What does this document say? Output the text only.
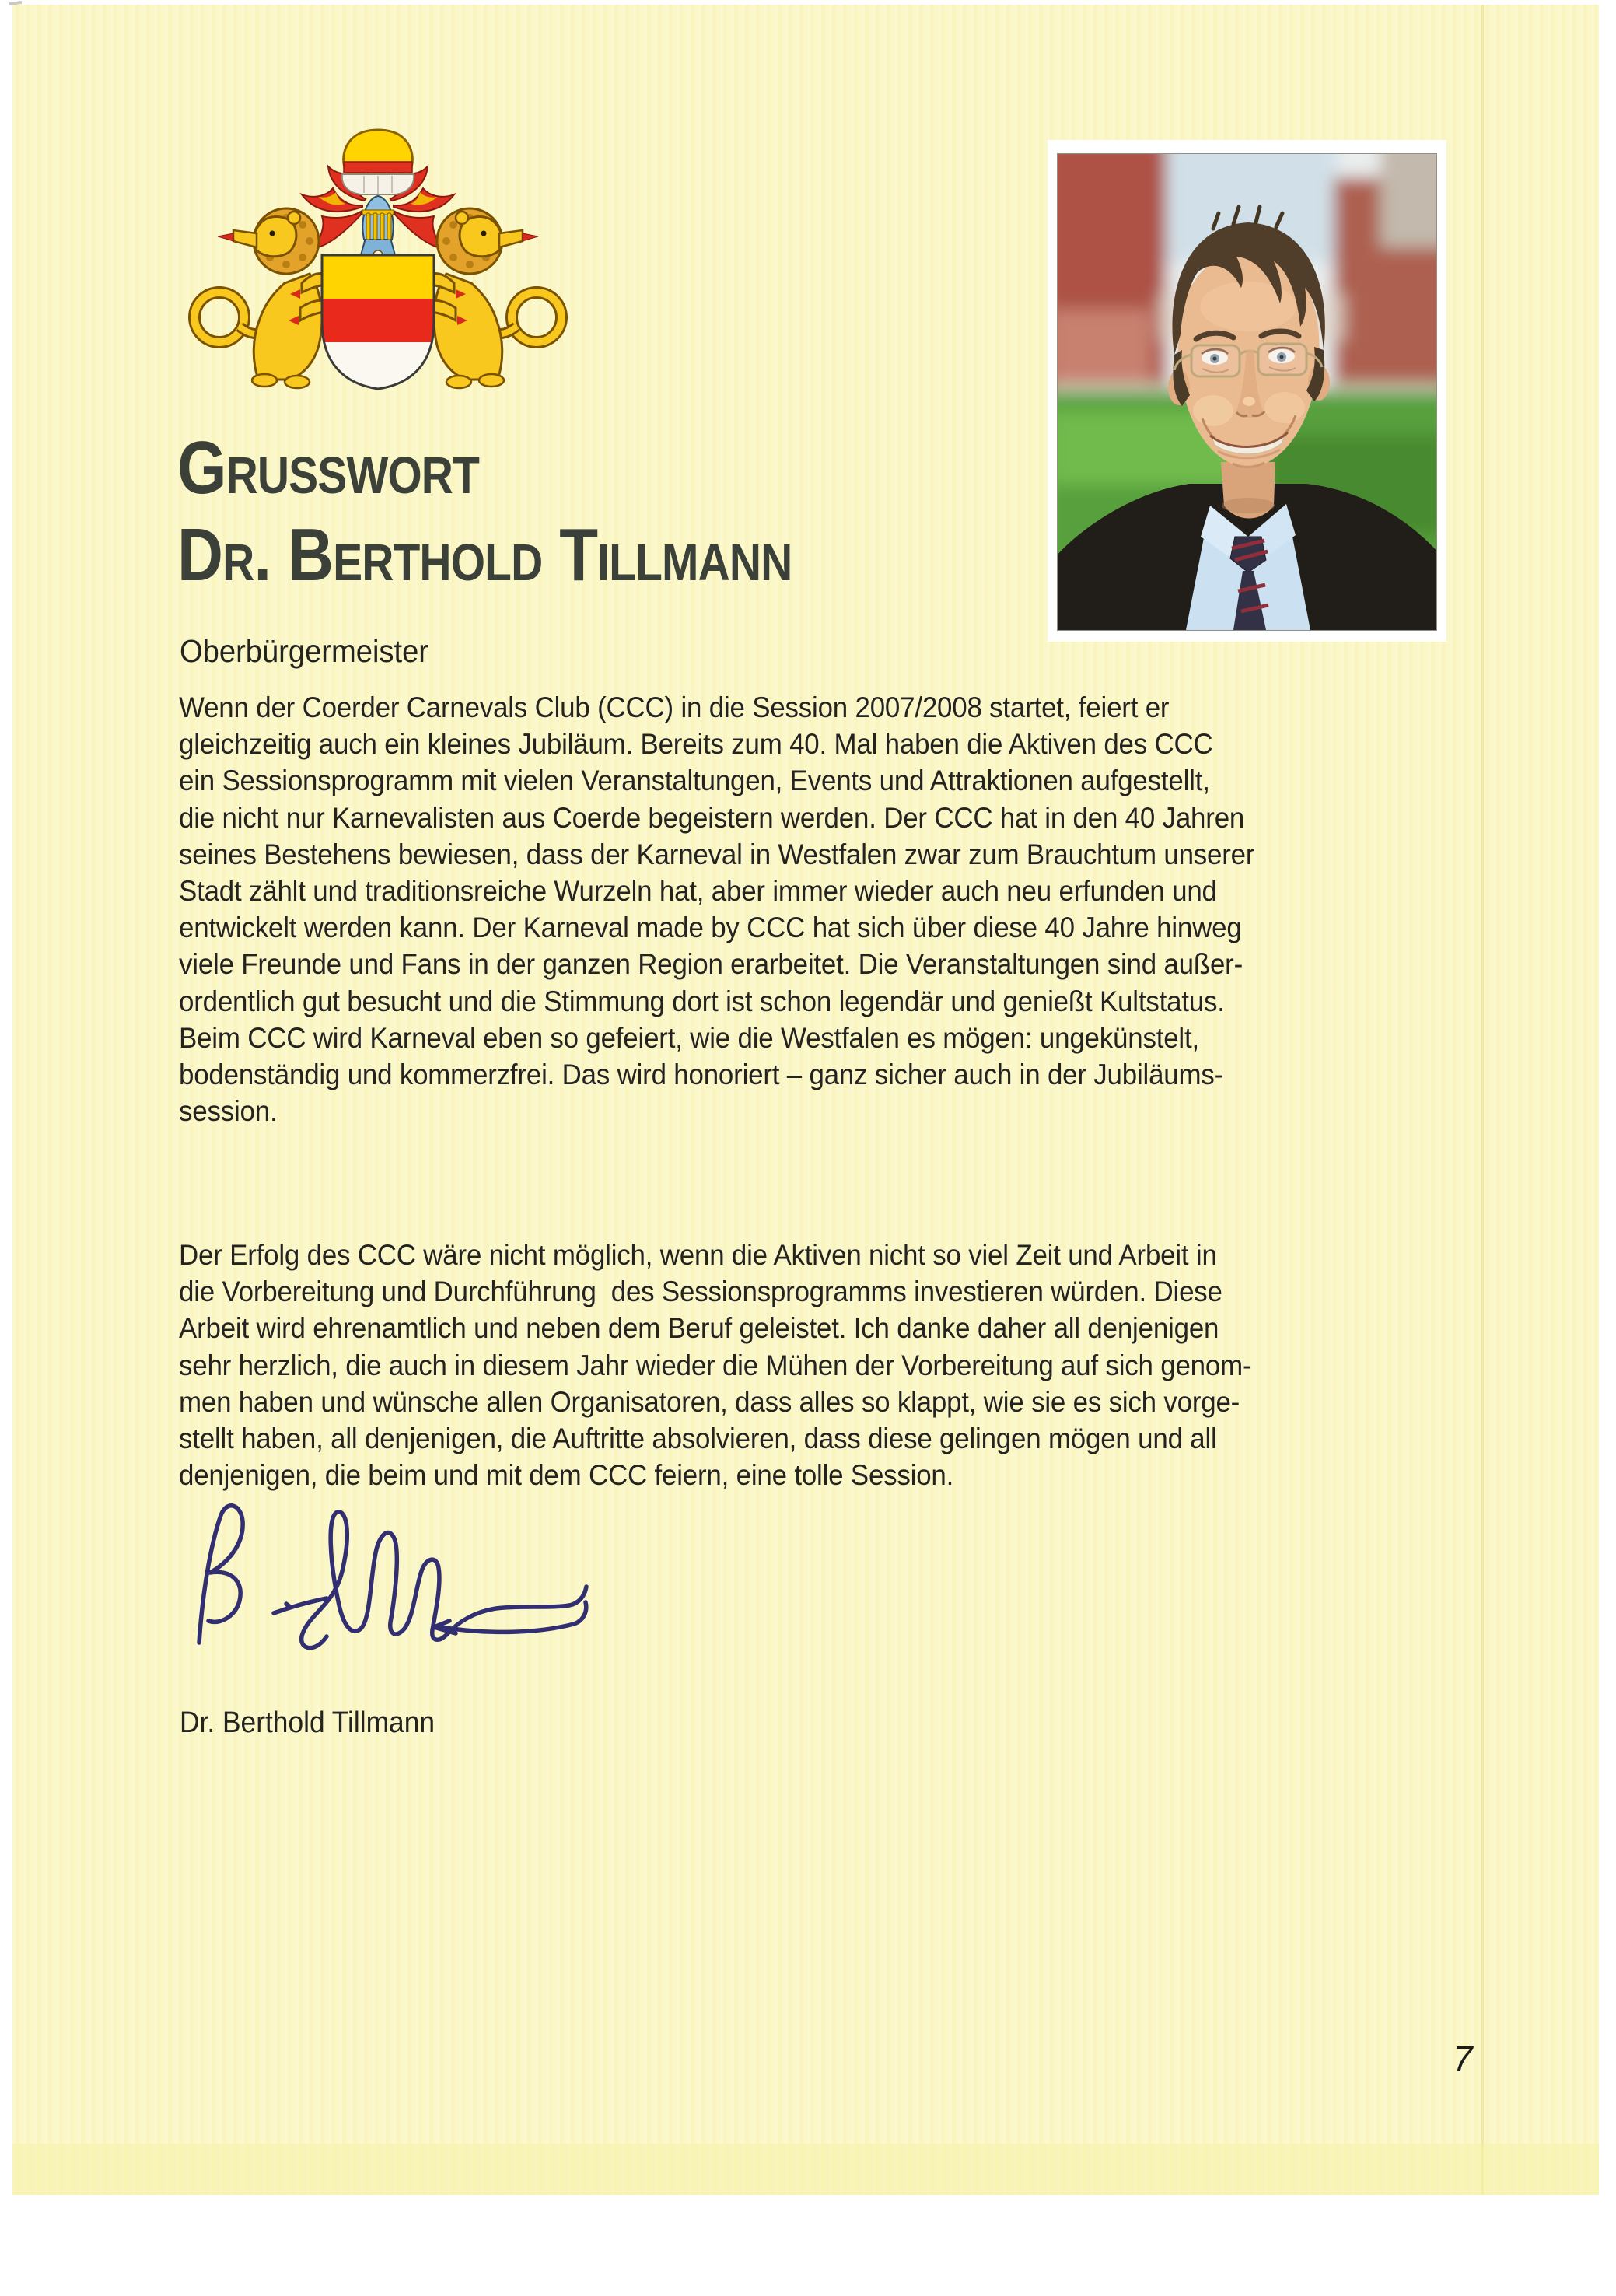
Grusswort
Dr. Berthold Tillmann
Oberbürgermeister
Wenn der Coerder Carnevals Club (CCC) in die Session 2007/2008 startet, feiert er
gleichzeitig auch ein kleines Jubiläum. Bereits zum 40. Mal haben die Aktiven des CCC
ein Sessionsprogramm mit vielen Veranstaltungen, Events und Attraktionen aufgestellt,
die nicht nur Karnevalisten aus Coerde begeistern werden. Der CCC hat in den 40 Jahren
seines Bestehens bewiesen, dass der Karneval in Westfalen zwar zum Brauchtum unserer
Stadt zählt und traditionsreiche Wurzeln hat, aber immer wieder auch neu erfunden und
entwickelt werden kann. Der Karneval made by CCC hat sich über diese 40 Jahre hinweg
viele Freunde und Fans in der ganzen Region erarbeitet. Die Veranstaltungen sind außer-
ordentlich gut besucht und die Stimmung dort ist schon legendär und genießt Kultstatus.
Beim CCC wird Karneval eben so gefeiert, wie die Westfalen es mögen: ungekünstelt,
bodenständig und kommerzfrei. Das wird honoriert – ganz sicher auch in der Jubiläums-
session.
Der Erfolg des CCC wäre nicht möglich, wenn die Aktiven nicht so viel Zeit und Arbeit in
die Vorbereitung und Durchführung  des Sessionsprogramms investieren würden. Diese
Arbeit wird ehrenamtlich und neben dem Beruf geleistet. Ich danke daher all denjenigen
sehr herzlich, die auch in diesem Jahr wieder die Mühen der Vorbereitung auf sich genom-
men haben und wünsche allen Organisatoren, dass alles so klappt, wie sie es sich vorge-
stellt haben, all denjenigen, die Auftritte absolvieren, dass diese gelingen mögen und all
denjenigen, die beim und mit dem CCC feiern, eine tolle Session.
Dr. Berthold Tillmann
7
